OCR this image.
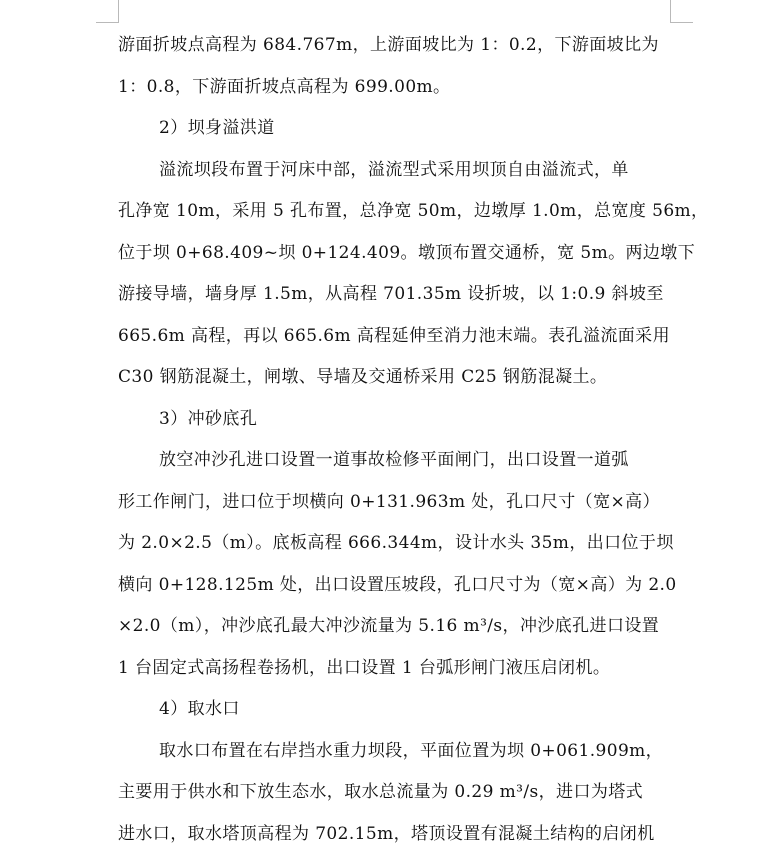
游面折坡点高程为 684.767m，上游面坡比为 1：0.2，下游面坡比为
1：0.8，下游面折坡点高程为 699.00m。
2）坝身溢洪道
溢流坝段布置于河床中部，溢流型式采用坝顶自由溢流式，单
孔净宽 10m，采用 5 孔布置，总净宽 50m，边墩厚 1.0m，总宽度 56m，
位于坝 0+68.409~坝 0+124.409。墩顶布置交通桥，宽 5m。两边墩下
游接导墙，墙身厚 1.5m，从高程 701.35m 设折坡，以 1:0.9 斜坡至
665.6m 高程，再以 665.6m 高程延伸至消力池末端。表孔溢流面采用
C30 钢筋混凝土，闸墩、导墙及交通桥采用 C25 钢筋混凝土。
3）冲砂底孔
放空冲沙孔进口设置一道事故检修平面闸门，出口设置一道弧
形工作闸门，进口位于坝横向 0+131.963m 处，孔口尺寸（宽×高）
为 2.0×2.5（m）。底板高程 666.344m，设计水头 35m，出口位于坝
横向 0+128.125m 处，出口设置压坡段，孔口尺寸为（宽×高）为 2.0
×2.0（m），冲沙底孔最大冲沙流量为 5.16 m³/s，冲沙底孔进口设置
1 台固定式高扬程卷扬机，出口设置 1 台弧形闸门液压启闭机。
4）取水口
取水口布置在右岸挡水重力坝段，平面位置为坝 0+061.909m，
主要用于供水和下放生态水，取水总流量为 0.29 m³/s，进口为塔式
进水口，取水塔顶高程为 702.15m，塔顶设置有混凝土结构的启闭机
